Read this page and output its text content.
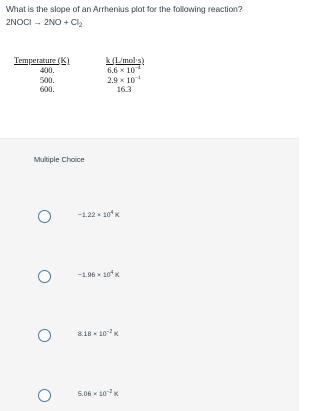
What is the slope of an Arrhenius plot for the following reaction?
2NOCl → $2NO + Cl_2$
Temperature (K)	k (L/mol·s)
400.	$6.6 \times 10^{-4}$
500.	$2.9 \times 10^{-1}$
600.	16.3
Multiple Choice
$-1.22 \times 10^4$ K
$-1.96 \times 10^4$ K
$8.18 \times 10^{-2}$ K
$5.06 \times 10^{-2}$ K
